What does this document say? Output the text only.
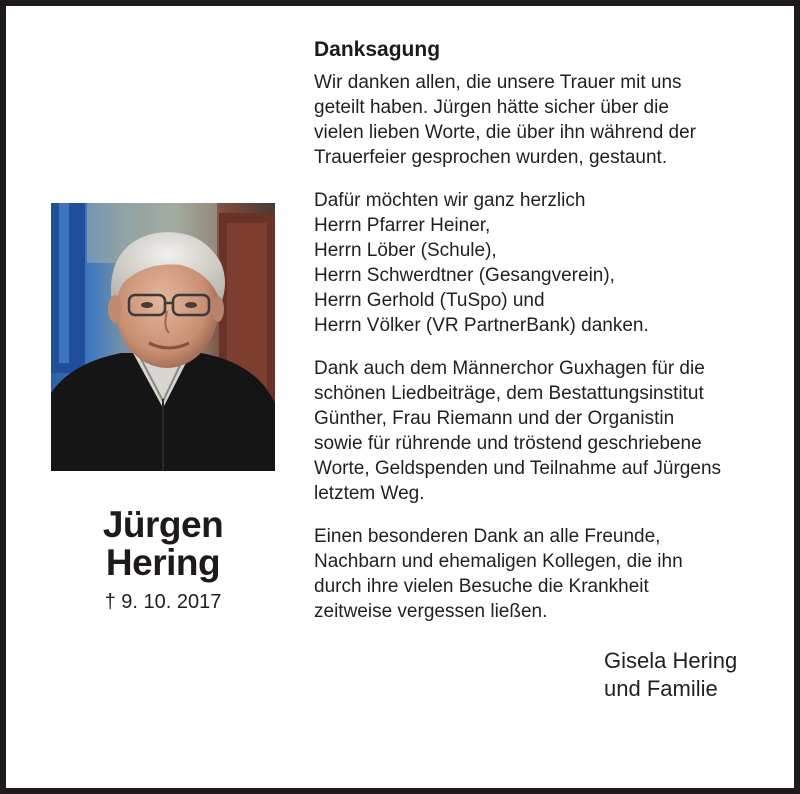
Jürgen
Hering
† 9. 10. 2017
Danksagung
Wir danken allen, die unsere Trauer mit uns
geteilt haben. Jürgen hätte sicher über die
vielen lieben Worte, die über ihn während der
Trauerfeier gesprochen wurden, gestaunt.
Dafür möchten wir ganz herzlich
Herrn Pfarrer Heiner,
Herrn Löber (Schule),
Herrn Schwerdtner (Gesangverein),
Herrn Gerhold (TuSpo) und
Herrn Völker (VR PartnerBank) danken.
Dank auch dem Männerchor Guxhagen für die
schönen Liedbeiträge, dem Bestattungsinstitut
Günther, Frau Riemann und der Organistin
sowie für rührende und tröstend geschriebene
Worte, Geldspenden und Teilnahme auf Jürgens
letztem Weg.
Einen besonderen Dank an alle Freunde,
Nachbarn und ehemaligen Kollegen, die ihn
durch ihre vielen Besuche die Krankheit
zeitweise vergessen ließen.
Gisela Hering
und Familie
